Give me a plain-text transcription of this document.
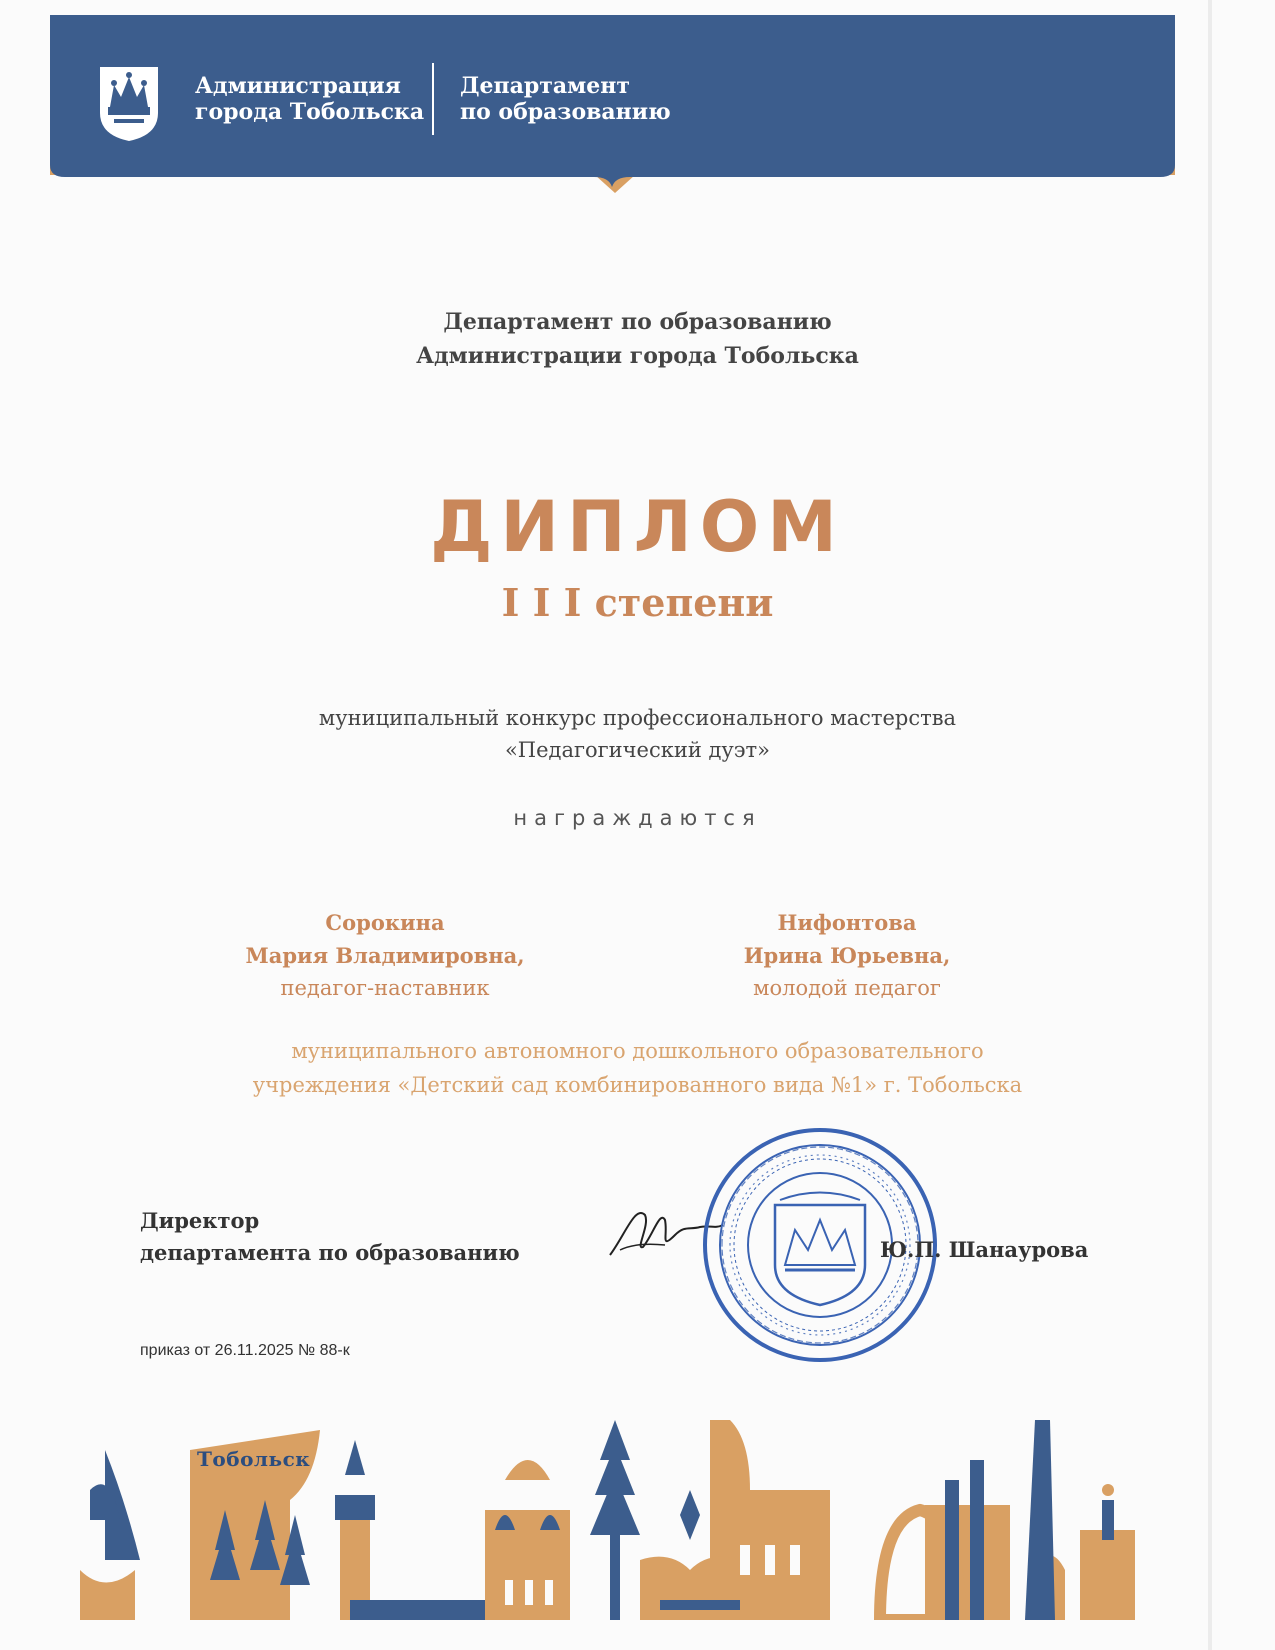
Администрация
города Тобольска
Департамент
по образованию
Департамент по образованию
Администрации города Тобольска
ДИПЛОМ
I I I степени
муниципальный конкурс профессионального мастерства
«Педагогический дуэт»
награждаются
Сорокина
Мария Владимировна,
педагог-наставник
Нифонтова
Ирина Юрьевна,
молодой педагог
муниципального автономного дошкольного образовательного
учреждения «Детский сад комбинированного вида №1» г. Тобольска
Директор
департамента по образованию	Ю.П. Шанаурова
приказ от 26.11.2025 № 88-к
Тобольск
